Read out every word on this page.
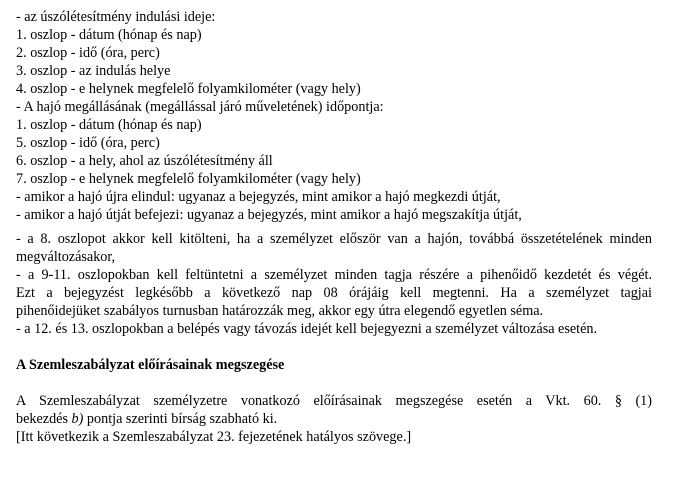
- az úszólétesítmény indulási ideje:
1. oszlop - dátum (hónap és nap)
2. oszlop - idő (óra, perc)
3. oszlop - az indulás helye
4. oszlop - e helynek megfelelő folyamkilométer (vagy hely)
- A hajó megállásának (megállással járó műveletének) időpontja:
1. oszlop - dátum (hónap és nap)
5. oszlop - idő (óra, perc)
6. oszlop - a hely, ahol az úszólétesítmény áll
7. oszlop - e helynek megfelelő folyamkilométer (vagy hely)
- amikor a hajó újra elindul: ugyanaz a bejegyzés, mint amikor a hajó megkezdi útját,
- amikor a hajó útját befejezi: ugyanaz a bejegyzés, mint amikor a hajó megszakítja útját,
- a 8. oszlopot akkor kell kitölteni, ha a személyzet először van a hajón, továbbá összetételének minden
megváltozásakor,
- a 9-11. oszlopokban kell feltüntetni a személyzet minden tagja részére a pihenőidő kezdetét és végét.
Ezt a bejegyzést legkésőbb a következő nap 08 órájáig kell megtenni. Ha a személyzet tagjai
pihenőidejüket szabályos turnusban határozzák meg, akkor egy útra elegendő egyetlen séma.
- a 12. és 13. oszlopokban a belépés vagy távozás idejét kell bejegyezni a személyzet változása esetén.
A Szemleszabályzat előírásainak megszegése
A Szemleszabályzat személyzetre vonatkozó előírásainak megszegése esetén a Vkt. 60. § (1)
bekezdés b) pontja szerinti bírság szabható ki.
[Itt következik a Szemleszabályzat 23. fejezetének hatályos szövege.]
